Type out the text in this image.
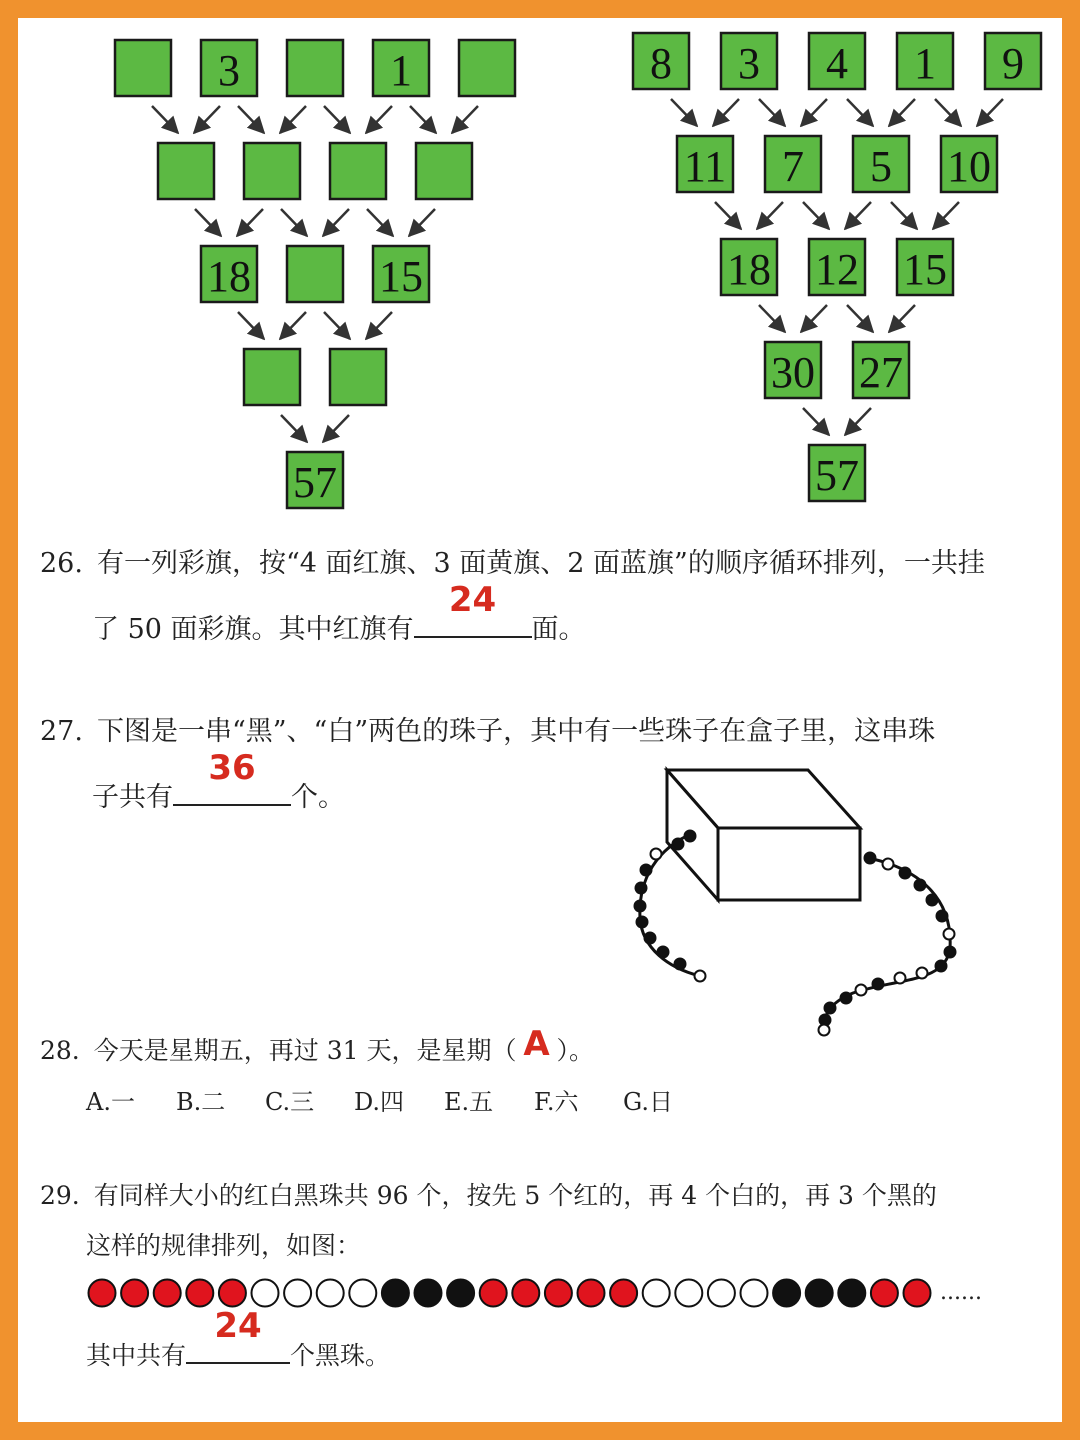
3	1
18	15
57
8 3 4 1 9
11 7 5 10
18 12 15
30 27
57
26. 有一列彩旗，按“4 面红旗、3 面黄旗、2 面蓝旗”的顺序循环排列，一共挂
了 50 面彩旗。其中红旗有
24
面。
27. 下图是一串“黑”、“白”两色的珠子，其中有一些珠子在盒子里，这串珠
子共有
36
个。
28. 今天是星期五，再过 31 天，是星期（ A ）。
A.一 B.二 C.三 D.四 E.五 F.六 G.日
29. 有同样大小的红白黑珠共 96 个，按先 5 个红的，再 4 个白的，再 3 个黑的
这样的规律排列，如图：
......
其中共有
24
个黑珠。
